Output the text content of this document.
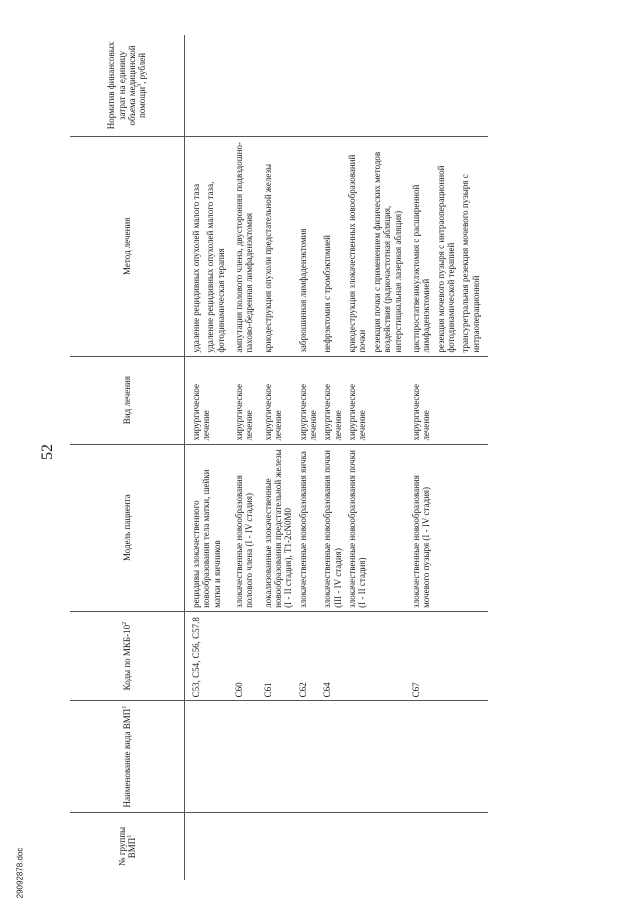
52
29092878.doc
№ группы ВМП$^1$	Наименование вида ВМП$^1$	Коды по МКБ-$10^2$	Модель пациента	Вид лечения	Метод лечения	Норматив финансовых затрат на единицу объема медицинской помощи$^3$, рублей
		C53, C54, C56, C57.8	рецидивы злокачественного новообразования тела матки, шейки матки и яичников	хирургическое лечение	удаление рецидивных опухолей малого таза удаление рецидивных опухолей малого таза, фотодинамическая терапия	

		C60	злокачественные новообразования полового члена (I - IV стадия)	хирургическое лечение	ампутация полового члена, двусторонняя подвздошно-пахово-бедренная лимфаденэктомия	

		C61	локализованные злокачественные новообразования предстательной железы (I - II стадия), T1-2cN0M0	хирургическое лечение	криодеструкция опухоли предстательной железы	

		C62	злокачественные новообразования яичка	хирургическое лечение	забрюшинная лимфаденэктомия	

		C64	злокачественные новообразования почки (III - IV стадия)	хирургическое лечение	нефрэктомия с тромбэктомией	

			злокачественные новообразования почки (I - II стадия)	хирургическое лечение	криодеструкция злокачественных новообразований почки резекция почки с применением физических методов воздействия (радиочастотная абляция, интерстициальная лазерная абляция)	

		C67	злокачественные новообразования мочевого пузыря (I - IV стадия)	хирургическое лечение	цистпростатвезикулэктомия с расширенной лимфаденэктомией резекция мочевого пузыря с интраоперационной фотодинамической терапией трансуретральная резекция мочевого пузыря с интраоперационной	
